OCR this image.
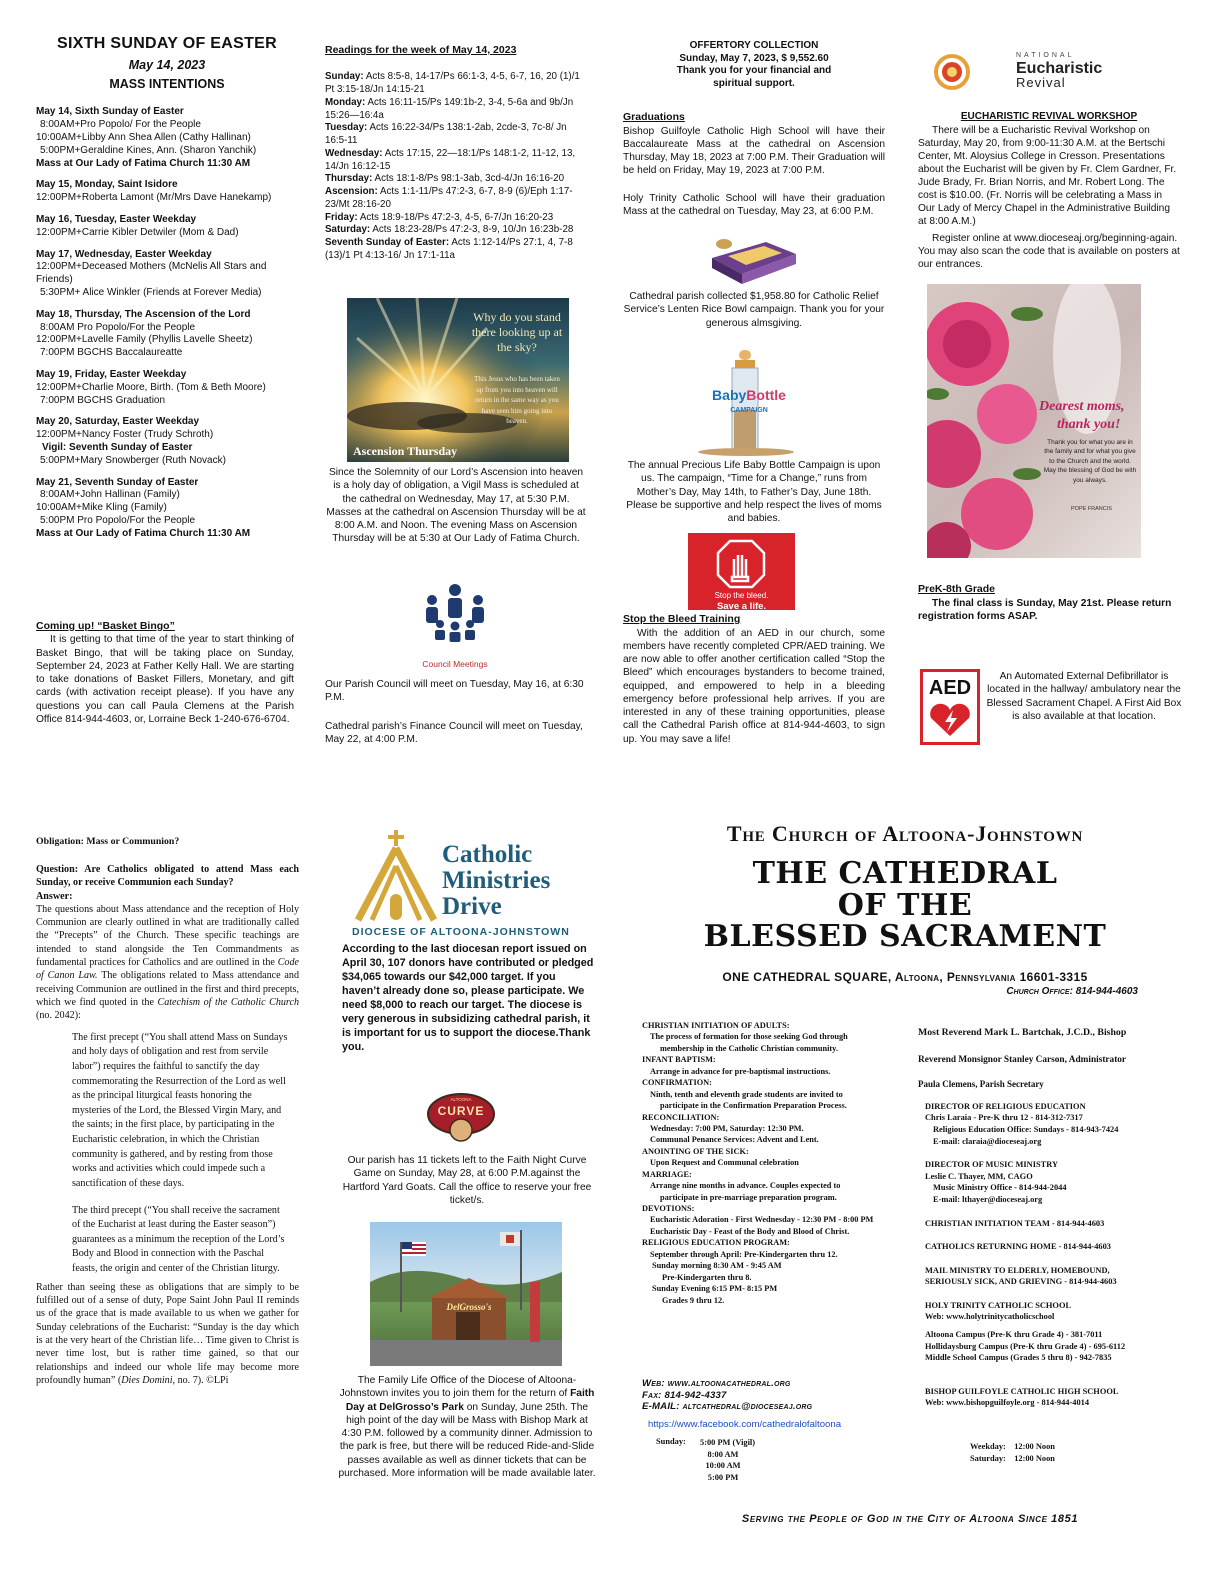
SIXTH SUNDAY OF EASTER
May 14, 2023
MASS INTENTIONS
May 14, Sixth Sunday of Easter
8:00AM+Pro Popolo/ For the People
10:00AM+Libby Ann Shea Allen (Cathy Hallinan)
5:00PM+Geraldine Kines, Ann. (Sharon Yanchik)
Mass at Our Lady of Fatima Church 11:30 AM
May 15, Monday, Saint Isidore
12:00PM+Roberta Lamont (Mr/Mrs Dave Hanekamp)
May 16, Tuesday, Easter Weekday
12:00PM+Carrie Kibler Detwiler (Mom & Dad)
May 17, Wednesday, Easter Weekday
12:00PM+Deceased Mothers (McNelis All Stars and Friends)
5:30PM+ Alice Winkler (Friends at Forever Media)
May 18, Thursday, The Ascension of the Lord
8:00AM Pro Popolo/For the People
12:00PM+Lavelle Family (Phyllis Lavelle Sheetz)
7:00PM BGCHS Baccalaureatte
May 19, Friday, Easter Weekday
12:00PM+Charlie Moore, Birth. (Tom & Beth Moore)
7:00PM BGCHS Graduation
May 20, Saturday, Easter Weekday
12:00PM+Nancy Foster (Trudy Schroth)
Vigil: Seventh Sunday of Easter
5:00PM+Mary Snowberger (Ruth Novack)
May 21, Seventh Sunday of Easter
8:00AM+John Hallinan (Family)
10:00AM+Mike Kling (Family)
5:00PM Pro Popolo/For the People
Mass at Our Lady of Fatima Church 11:30 AM
Coming up! “Basket Bingo”

It is getting to that time of the year to start thinking of Basket Bingo, that will be taking place on Sunday, September 24, 2023 at Father Kelly Hall. We are starting to take donations of Basket Fillers, Monetary, and gift cards (with activation receipt please). If you have any questions you can call Paula Clemens at the Parish Office 814-944-4603, or, Lorraine Beck 1-240-676-6704.

Readings for the week of May 14, 2023

Sunday: Acts 8:5-8, 14-17/Ps 66:1-3, 4-5, 6-7, 16, 20 (1)/1 Pt 3:15-18/Jn 14:15-21

Monday: Acts 16:11-15/Ps 149:1b-2, 3-4, 5-6a and 9b/Jn 15:26—16:4a

Tuesday: Acts 16:22-34/Ps 138:1-2ab, 2cde-3, 7c-8/ Jn 16:5-11

Wednesday: Acts 17:15, 22—18:1/Ps 148:1-2, 11-12, 13, 14/Jn 16:12-15

Thursday: Acts 18:1-8/Ps 98:1-3ab, 3cd-4/Jn 16:16-20

Ascension: Acts 1:1-11/Ps 47:2-3, 6-7, 8-9 (6)/Eph 1:17-23/Mt 28:16-20

Friday: Acts 18:9-18/Ps 47:2-3, 4-5, 6-7/Jn 16:20-23

Saturday: Acts 18:23-28/Ps 47:2-3, 8-9, 10/Jn 16:23b-28

Seventh Sunday of Easter: Acts 1:12-14/Ps 27:1, 4, 7-8 (13)/1 Pt 4:13-16/ Jn 17:1-11a

Why do you stand there looking up at the sky?
This Jesus who has been taken up from you into heaven will return in the same way as you have seen him going into heaven.
Ascension Thursday

Since the Solemnity of our Lord’s Ascension into heaven is a holy day of obligation, a Vigil Mass is scheduled at the cathedral on Wednesday, May 17, at 5:30 P.M. Masses at the cathedral on Ascension Thursday will be at 8:00 A.M. and Noon. The evening Mass on Ascension Thursday will be at 5:30 at Our Lady of Fatima Church.

Council Meetings

Our Parish Council will meet on Tuesday, May 16, at 6:30 P.M.

Cathedral parish’s Finance Council will meet on Tuesday, May 22, at 4:00 P.M.

OFFERTORY COLLECTION
Sunday, May 7, 2023, $ 9,552.60
Thank you for your financial and spiritual support.
Graduations

Bishop Guilfoyle Catholic High School will have their Baccalaureate Mass at the cathedral on Ascension Thursday, May 18, 2023 at 7:00 P.M. Their Graduation will be held on Friday, May 19, 2023 at 7:00 P.M.

Holy Trinity Catholic School will have their graduation Mass at the cathedral on Tuesday, May 23, at 6:00 P.M.

Cathedral parish collected $1,958.80 for Catholic Relief Service’s Lenten Rice Bowl campaign. Thank you for your generous almsgiving.

BabyBottle
CAMPAIGN

The annual Precious Life Baby Bottle Campaign is upon us. The campaign, “Time for a Change,” runs from Mother’s Day, May 14th, to Father’s Day, June 18th. Please be supportive and help respect the lives of moms and babies.

Stop the bleed.
Save a life.
Stop the Bleed Training

With the addition of an AED in our church, some members have recently completed CPR/AED training. We are now able to offer another certification called “Stop the Bleed” which encourages bystanders to become trained, equipped, and empowered to help in a bleeding emergency before professional help arrives. If you are interested in any of these training opportunities, please call the Cathedral Parish office at 814-944-4603, to sign up. You may save a life!

NATIONAL
Eucharistic
Revival
EUCHARISTIC REVIVAL WORKSHOP

There will be a Eucharistic Revival Workshop on Saturday, May 20, from 9:00-11:30 A.M. at the Bertschi Center, Mt. Aloysius College in Cresson. Presentations about the Eucharist will be given by Fr. Clem Gardner, Fr. Jude Brady, Fr. Brian Norris, and Mr. Robert Long. The cost is $10.00. (Fr. Norris will be celebrating a Mass in Our Lady of Mercy Chapel in the Administrative Building at 8:00 A.M.)

Register online at www.dioceseaj.org/beginning-again. You may also scan the code that is available on posters at our entrances.

Dearest moms,
thank you!
Thank you for what you are in the family and for what you give to the Church and the world. May the blessing of God be with you always.
POPE FRANCIS
PreK-8th Grade

The final class is Sunday, May 21st. Please return registration forms ASAP.

AED

An Automated External Defibrillator is located in the hallway/ ambulatory near the Blessed Sacrament Chapel. A First Aid Box is also available at that location.

Obligation: Mass or Communion?

Question: Are Catholics obligated to attend Mass each Sunday, or receive Communion each Sunday?

Answer:

The questions about Mass attendance and the reception of Holy Communion are clearly outlined in what are traditionally called the “Precepts” of the Church. These specific teachings are intended to stand alongside the Ten Commandments as fundamental practices for Catholics and are outlined in the Code of Canon Law. The obligations related to Mass attendance and receiving Communion are outlined in the first and third precepts, which we find quoted in the Catechism of the Catholic Church (no. 2042):

The first precept (“You shall attend Mass on Sundays and holy days of obligation and rest from servile labor”) requires the faithful to sanctify the day commemorating the Resurrection of the Lord as well as the principal liturgical feasts honoring the mysteries of the Lord, the Blessed Virgin Mary, and the saints; in the first place, by participating in the Eucharistic celebration, in which the Christian community is gathered, and by resting from those works and activities which could impede such a sanctification of these days.

The third precept (“You shall receive the sacrament of the Eucharist at least during the Easter season”) guarantees as a minimum the reception of the Lord’s Body and Blood in connection with the Paschal feasts, the origin and center of the Christian liturgy.

Rather than seeing these as obligations that are simply to be fulfilled out of a sense of duty, Pope Saint John Paul II reminds us of the grace that is made available to us when we gather for Sunday celebrations of the Eucharist: “Sunday is the day which is at the very heart of the Christian life… Time given to Christ is never time lost, but is rather time gained, so that our relationships and indeed our whole life may become more profoundly human” (Dies Domini, no. 7). ©LPi

Catholic
Ministries
Drive
DIOCESE OF ALTOONA-JOHNSTOWN

According to the last diocesan report issued on April 30, 107 donors have contributed or pledged $34,065 towards our $42,000 target. If you haven’t already done so, please participate. We need $8,000 to reach our target. The diocese is very generous in subsidizing cathedral parish, it is important for us to support the diocese.Thank you.

ALTOONA
CURVE

Our parish has 11 tickets left to the Faith Night Curve Game on Sunday, May 28, at 6:00 P.M.against the Hartford Yard Goats. Call the office to reserve your free ticket/s.

DelGrosso's

The Family Life Office of the Diocese of Altoona-Johnstown invites you to join them for the return of Faith Day at DelGrosso’s Park on Sunday, June 25th. The high point of the day will be Mass with Bishop Mark at 4:30 P.M. followed by a community dinner. Admission to the park is free, but there will be reduced Ride-and-Slide passes available as well as dinner tickets that can be purchased. More information will be made available later.

The Church of Altoona-Johnstown
THE CATHEDRAL
OF THE
BLESSED SACRAMENT
ONE CATHEDRAL SQUARE, Altoona, Pennsylvania 16601-3315
Church Office: 814-944-4603
CHRISTIAN INITIATION OF ADULTS:
The process of formation for those seeking God through
membership in the Catholic Christian community.
INFANT BAPTISM:
Arrange in advance for pre-baptismal instructions.
CONFIRMATION:
Ninth, tenth and eleventh grade students are invited to
participate in the Confirmation Preparation Process.
RECONCILIATION:
Wednesday: 7:00 PM, Saturday: 12:30 PM.
Communal Penance Services: Advent and Lent.
ANOINTING OF THE SICK:
Upon Request and Communal celebration
MARRIAGE:
Arrange nine months in advance. Couples expected to
participate in pre-marriage preparation program.
DEVOTIONS:
Eucharistic Adoration - First Wednesday - 12:30 PM - 8:00 PM
Eucharistic Day - Feast of the Body and Blood of Christ.
RELIGIOUS EDUCATION PROGRAM:
September through April: Pre-Kindergarten thru 12.
Sunday morning 8:30 AM - 9:45 AM
Pre-Kindergarten thru 8.
Sunday Evening 6:15 PM- 8:15 PM
Grades 9 thru 12.
Web: www.altoonacathedral.org
Fax: 814-942-4337
E-MAIL: altcathedral@dioceseaj.org
https://www.facebook.com/cathedralofaltoona
Sunday: 5:00 PM (Vigil)
8:00 AM
10:00 AM
5:00 PM
Weekday:    12:00 Noon
Saturday:    12:00 Noon

Most Reverend Mark L. Bartchak, J.C.D., Bishop

Reverend Monsignor Stanley Carson, Administrator

Paula Clemens, Parish Secretary

DIRECTOR OF RELIGIOUS EDUCATION

Chris Laraia - Pre-K thru 12 - 814-312-7317

Religious Education Office: Sundays - 814-943-7424

E-mail: claraia@dioceseaj.org

DIRECTOR OF MUSIC MINISTRY

Leslie C. Thayer, MM, CAGO

Music Ministry Office - 814-944-2044

E-mail: lthayer@dioceseaj.org

CHRISTIAN INITIATION TEAM - 814-944-4603

CATHOLICS RETURNING HOME - 814-944-4603

MAIL MINISTRY TO ELDERLY, HOMEBOUND,

SERIOUSLY SICK, AND GRIEVING - 814-944-4603

HOLY TRINITY CATHOLIC SCHOOL

Web: www.holytrinitycatholicschool

Altoona Campus (Pre-K thru Grade 4) - 381-7011

Hollidaysburg Campus (Pre-K thru Grade 4) - 695-6112

Middle School Campus (Grades 5 thru 8) - 942-7835

BISHOP GUILFOYLE CATHOLIC HIGH SCHOOL

Web: www.bishopguilfoyle.org - 814-944-4014

Serving the People of God in the City of Altoona Since 1851
